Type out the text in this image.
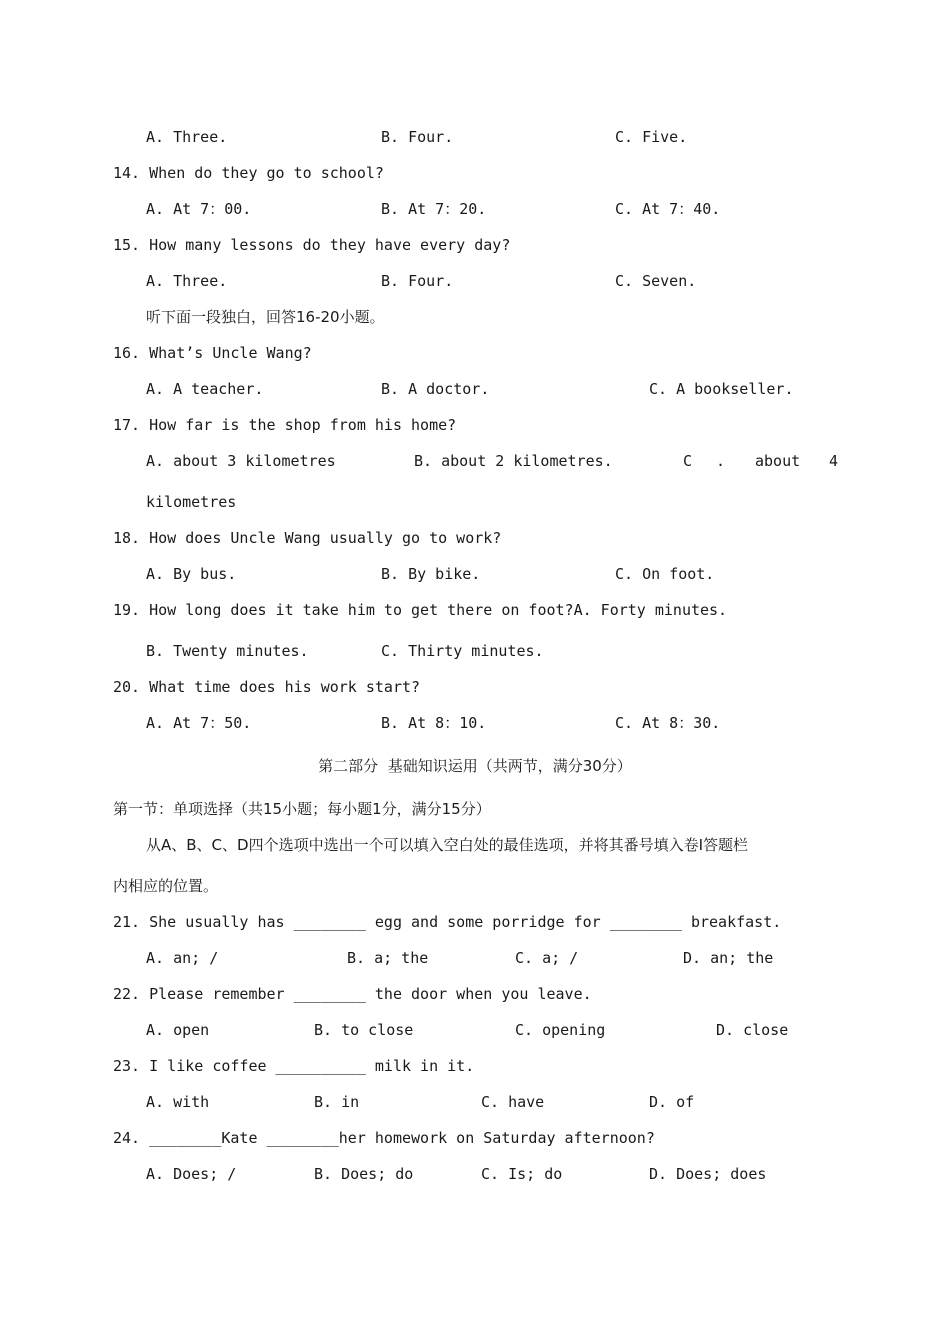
A. Three.	B. Four.	C. Five.
14. When do they go to school?
A. At 7：00.	B. At 7：20.	C. At 7：40.
15. How many lessons do they have every day?
A. Three.	B. Four.	C. Seven.
听下面一段独白，回答16-20小题。
16. What’s Uncle Wang?
A. A teacher.	B. A doctor.	C. A bookseller.
17. How far is the shop from his home?
A. about 3 kilometres	B. about 2 kilometres.	C . about 4
kilometres
18. How does Uncle Wang usually go to work?
A. By bus.	B. By bike.	C. On foot.
19. How long does it take him to get there on foot?A. Forty minutes.
B. Twenty minutes.	C. Thirty minutes.
20. What time does his work start?
A. At 7：50.	B. At 8：10.	C. At 8：30.
第二部分  基础知识运用（共两节，满分30分）
第一节：单项选择（共15小题；每小题1分，满分15分）
从A、B、C、D四个选项中选出一个可以填入空白处的最佳选项，并将其番号填入卷Ⅰ答题栏
内相应的位置。
21. She usually has ________ egg and some porridge for ________ breakfast.
A. an; /	B. a; the	C. a; /	D. an; the
22. Please remember ________ the door when you leave.
A. open	B. to close	C. opening	D. close
23. I like coffee __________ milk in it.
A. with	B. in	C. have	D. of
24. ________Kate ________her homework on Saturday afternoon?
A. Does; /	B. Does; do	C. Is; do	D. Does; does
